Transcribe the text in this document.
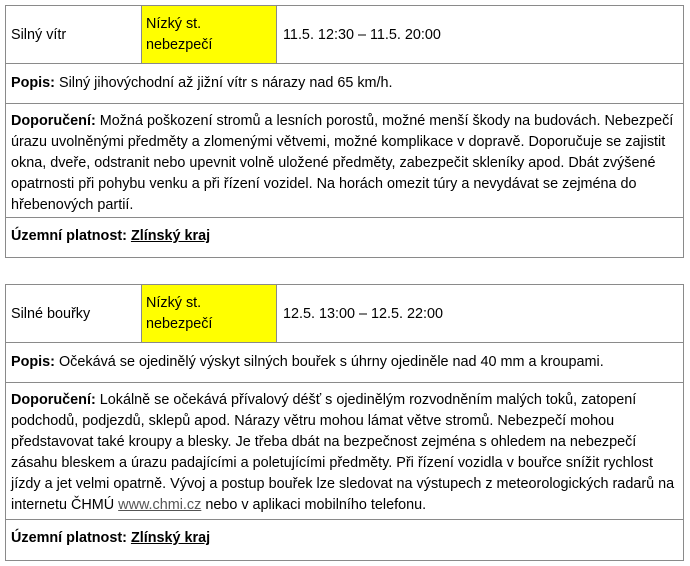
Silný vítr
Nízký st.
nebezpečí
11.5. 12:30 – 11.5. 20:00
Popis: Silný jihovýchodní až jižní vítr s nárazy nad 65 km/h.
Doporučení: Možná poškození stromů a lesních porostů, možné menší škody na budovách. Nebezpečí úrazu uvolněnými předměty a zlomenými větvemi, možné komplikace v dopravě. Doporučuje se zajistit okna, dveře, odstranit nebo upevnit volně uložené předměty, zabezpečit skleníky apod. Dbát zvýšené opatrnosti při pohybu venku a při řízení vozidel. Na horách omezit túry a nevydávat se zejména do hřebenových partií.
Územní platnost: Zlínský kraj
Silné bouřky
Nízký st.
nebezpečí
12.5. 13:00 – 12.5. 22:00
Popis: Očekává se ojedinělý výskyt silných bouřek s úhrny ojediněle nad 40 mm a kroupami.
Doporučení: Lokálně se očekává přívalový déšť s ojedinělým rozvodněním malých toků, zatopení podchodů, podjezdů, sklepů apod. Nárazy větru mohou lámat větve stromů. Nebezpečí mohou představovat také kroupy a blesky. Je třeba dbát na bezpečnost zejména s ohledem na nebezpečí zásahu bleskem a úrazu padajícími a poletujícími předměty. Při řízení vozidla v bouřce snížit rychlost jízdy a jet velmi opatrně. Vývoj a postup bouřek lze sledovat na výstupech z meteorologických radarů na internetu ČHMÚ www.chmi.cz nebo v aplikaci mobilního telefonu.
Územní platnost: Zlínský kraj
